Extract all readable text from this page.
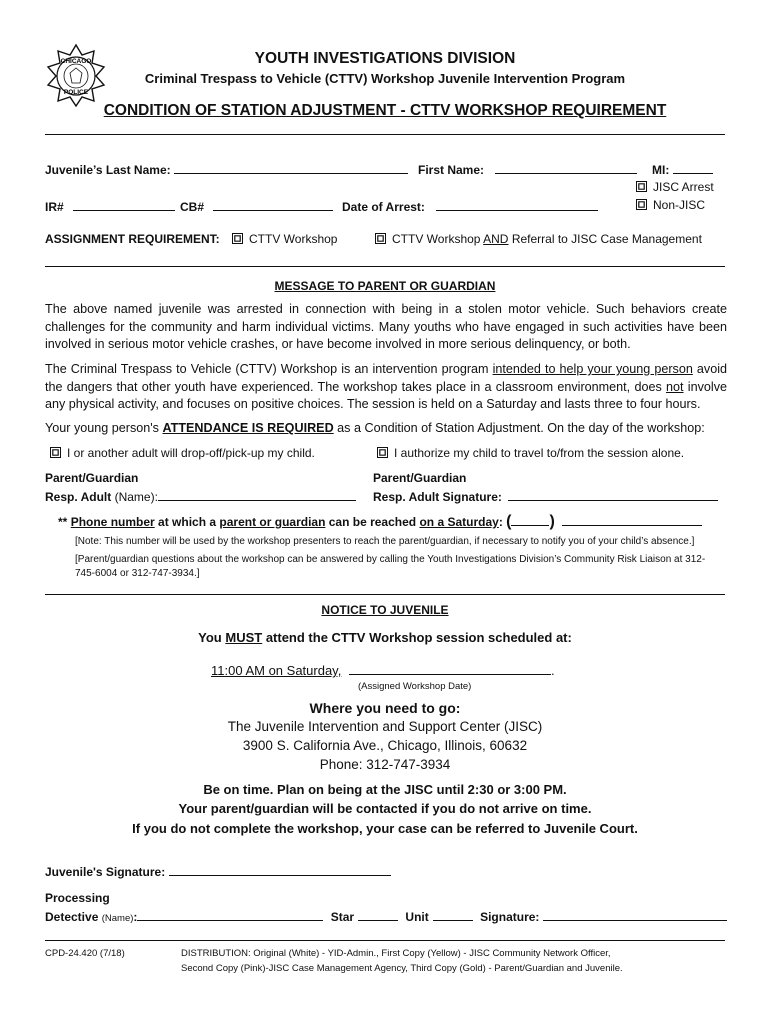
CHICAGO
POLICE
YOUTH INVESTIGATIONS DIVISION
Criminal Trespass to Vehicle (CTTV) Workshop Juvenile Intervention Program
CONDITION OF STATION ADJUSTMENT - CTTV WORKSHOP REQUIREMENT
Juvenile’s Last Name:	First Name:	MI:
JISC Arrest
Non-JISC
IR#	CB#	Date of Arrest:
ASSIGNMENT REQUIREMENT:	CTTV Workshop	CTTV Workshop AND Referral to JISC Case Management
MESSAGE TO PARENT OR GUARDIAN
The above named juvenile was arrested in connection with being in a stolen motor vehicle. Such behaviors create challenges for the community and harm individual victims. Many youths who have engaged in such activities have been involved in serious motor vehicle crashes, or have become involved in more serious delinquency, or both.
The Criminal Trespass to Vehicle (CTTV) Workshop is an intervention program intended to help your young person avoid the dangers that other youth have experienced. The workshop takes place in a classroom environment, does not involve any physical activity, and focuses on positive choices. The session is held on a Saturday and lasts three to four hours.
Your young person's ATTENDANCE IS REQUIRED as a Condition of Station Adjustment. On the day of the workshop:
I or another adult will drop-off/pick-up my child.	I authorize my child to travel to/from the session alone.
Parent/Guardian
Resp. Adult (Name):
Parent/Guardian
Resp. Adult Signature:
** Phone number at which a parent or guardian can be reached on a Saturday: ( )
[Note: This number will be used by the workshop presenters to reach the parent/guardian, if necessary to notify you of your child’s absence.]
[Parent/guardian questions about the workshop can be answered by calling the Youth Investigations Division’s Community Risk Liaison at 312-745-6004 or 312-747-3934.]
NOTICE TO JUVENILE
You MUST attend the CTTV Workshop session scheduled at:
11:00 AM on Saturday,	.
(Assigned Workshop Date)
Where you need to go:
The Juvenile Intervention and Support Center (JISC)
3900 S. California Ave., Chicago, Illinois, 60632
Phone: 312-747-3934
Be on time. Plan on being at the JISC until 2:30 or 3:00 PM.
Your parent/guardian will be contacted if you do not arrive on time.
If you do not complete the workshop, your case can be referred to Juvenile Court.
Juvenile's Signature:
Processing
Detective (Name):	Star	Unit	Signature:
CPD-24.420 (7/18)	DISTRIBUTION: Original (White) - YID-Admin., First Copy (Yellow) - JISC Community Network Officer,
Second Copy (Pink)-JISC Case Management Agency, Third Copy (Gold) - Parent/Guardian and Juvenile.
